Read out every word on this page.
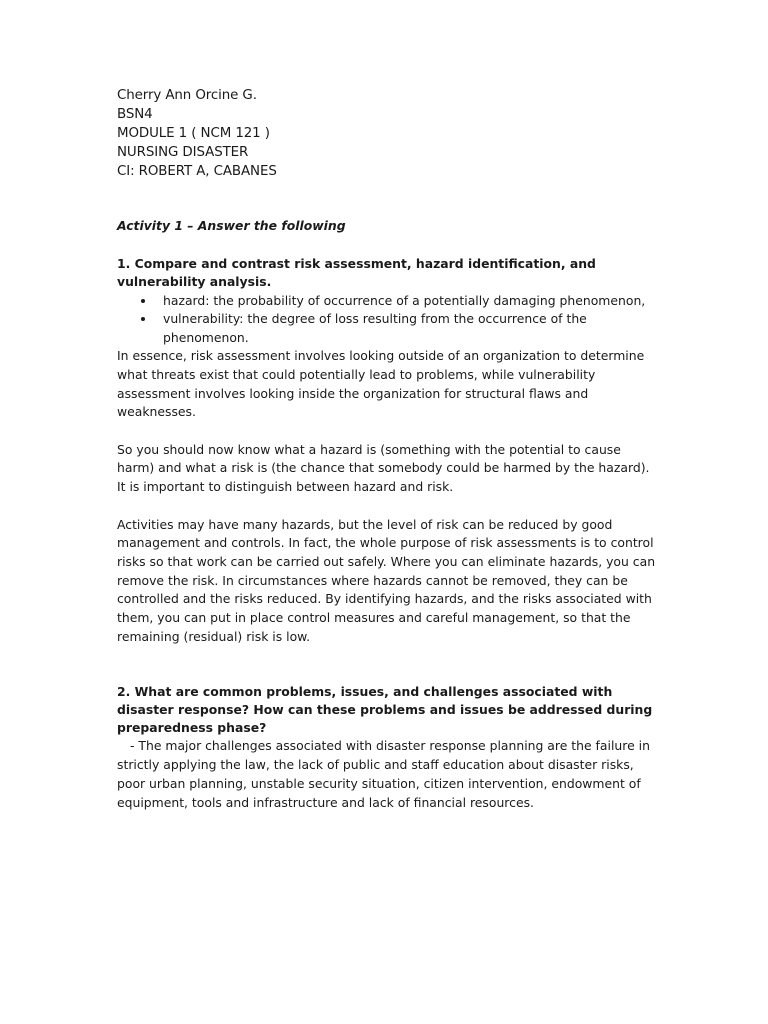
Cherry Ann Orcine G.

BSN4

MODULE 1 ( NCM 121 )

NURSING DISASTER

CI: ROBERT A, CABANES

Activity 1 – Answer the following

1. Compare and contrast risk assessment, hazard identification, and vulnerability analysis.

hazard: the probability of occurrence of a potentially damaging phenomenon,
vulnerability: the degree of loss resulting from the occurrence of the phenomenon.

In essence, risk assessment involves looking outside of an organization to determine what threats exist that could potentially lead to problems, while vulnerability assessment involves looking inside the organization for structural flaws and weaknesses.

So you should now know what a hazard is (something with the potential to cause harm) and what a risk is (the chance that somebody could be harmed by the hazard). It is important to distinguish between hazard and risk.

Activities may have many hazards, but the level of risk can be reduced by good management and controls. In fact, the whole purpose of risk assessments is to control risks so that work can be carried out safely. Where you can eliminate hazards, you can remove the risk. In circumstances where hazards cannot be removed, they can be controlled and the risks reduced. By identifying hazards, and the risks associated with them, you can put in place control measures and careful management, so that the remaining (residual) risk is low.

2. What are common problems, issues, and challenges associated with disaster response? How can these problems and issues be addressed during preparedness phase?

- The major challenges associated with disaster response planning are the failure in strictly applying the law, the lack of public and staff education about disaster risks, poor urban planning, unstable security situation, citizen intervention, endowment of equipment, tools and infrastructure and lack of financial resources.
